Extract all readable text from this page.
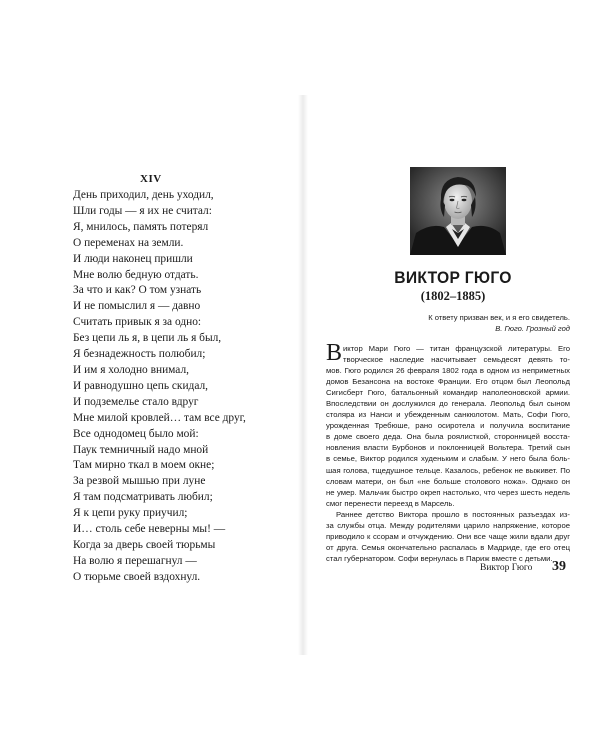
XIV
День приходил, день уходил,
Шли годы — я их не считал:
Я, мнилось, память потерял
О переменах на земли.
И люди наконец пришли
Мне волю бедную отдать.
За что и как? О том узнать
И не помыслил я — давно
Считать привык я за одно:
Без цепи ль я, в цепи ль я был,
Я безнадежность полюбил;
И им я холодно внимал,
И равнодушно цепь скидал,
И подземелье стало вдруг
Мне милой кровлей… там все друг,
Все однодомец было мой:
Паук темничный надо мной
Там мирно ткал в моем окне;
За резвой мышью при луне
Я там подсматривать любил;
Я к цепи руку приучил;
И… столь себе неверны мы! —
Когда за дверь своей тюрьмы
На волю я перешагнул —
О тюрьме своей вздохнул.
ВИКТОР ГЮГО
(1802–1885)
К ответу призван век, и я его свидетель.
В. Гюго. Грозный год
В иктор Мари Гюго — титан французской литературы. Его
творческое наследие насчитывает семьдесят девять то-
мов. Гюго родился 26 февраля 1802 года в одном из неприметных
домов Безансона на востоке Франции. Его отцом был Леопольд
Сигисберт Гюго, батальонный командир наполеоновской армии.
Впоследствии он дослужился до генерала. Леопольд был сыном
столяра из Нанси и убежденным санкюлотом. Мать, Софи Гюго,
урожденная Требюше, рано осиротела и получила воспитание
в доме своего деда. Она была роялисткой, сторонницей восста-
новления власти Бурбонов и поклонницей Вольтера. Третий сын
в семье, Виктор родился худеньким и слабым. У него была боль-
шая голова, тщедушное тельце. Казалось, ребенок не выживет. По
словам матери, он был «не больше столового ножа». Однако он
не умер. Мальчик быстро окреп настолько, что через шесть недель
смог перенести переезд в Марсель.
Раннее детство Виктора прошло в постоянных разъездах из-
за службы отца. Между родителями царило напряжение, которое
приводило к ссорам и отчуждению. Они все чаще жили вдали друг
от друга. Семья окончательно распалась в Мадриде, где его отец
стал губернатором. Софи вернулась в Париж вместе с детьми.
Виктор Гюго 39
